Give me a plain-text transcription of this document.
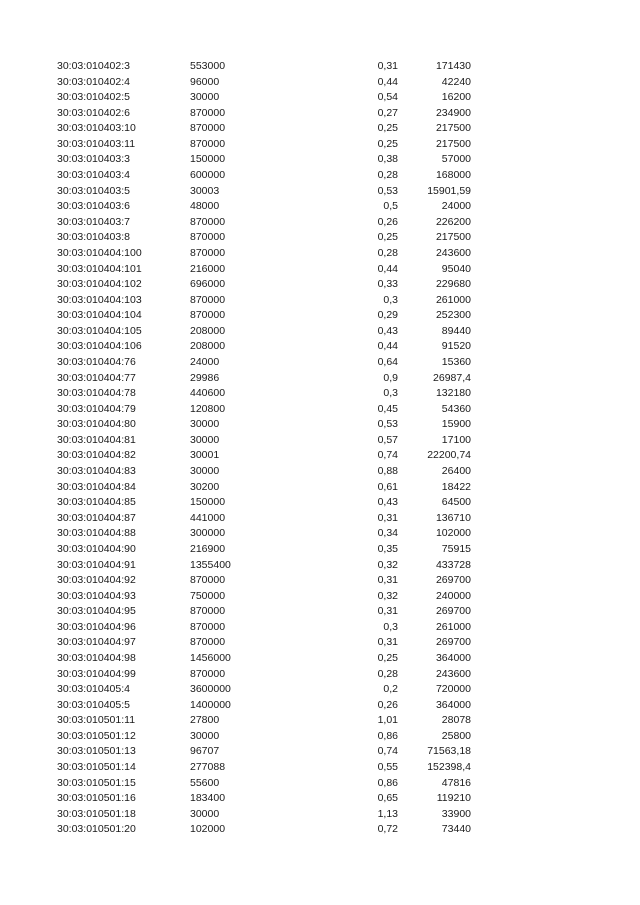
30:03:010402:3	553000	0,31	171430
30:03:010402:4	96000	0,44	42240
30:03:010402:5	30000	0,54	16200
30:03:010402:6	870000	0,27	234900
30:03:010403:10	870000	0,25	217500
30:03:010403:11	870000	0,25	217500
30:03:010403:3	150000	0,38	57000
30:03:010403:4	600000	0,28	168000
30:03:010403:5	30003	0,53	15901,59
30:03:010403:6	48000	0,5	24000
30:03:010403:7	870000	0,26	226200
30:03:010403:8	870000	0,25	217500
30:03:010404:100	870000	0,28	243600
30:03:010404:101	216000	0,44	95040
30:03:010404:102	696000	0,33	229680
30:03:010404:103	870000	0,3	261000
30:03:010404:104	870000	0,29	252300
30:03:010404:105	208000	0,43	89440
30:03:010404:106	208000	0,44	91520
30:03:010404:76	24000	0,64	15360
30:03:010404:77	29986	0,9	26987,4
30:03:010404:78	440600	0,3	132180
30:03:010404:79	120800	0,45	54360
30:03:010404:80	30000	0,53	15900
30:03:010404:81	30000	0,57	17100
30:03:010404:82	30001	0,74	22200,74
30:03:010404:83	30000	0,88	26400
30:03:010404:84	30200	0,61	18422
30:03:010404:85	150000	0,43	64500
30:03:010404:87	441000	0,31	136710
30:03:010404:88	300000	0,34	102000
30:03:010404:90	216900	0,35	75915
30:03:010404:91	1355400	0,32	433728
30:03:010404:92	870000	0,31	269700
30:03:010404:93	750000	0,32	240000
30:03:010404:95	870000	0,31	269700
30:03:010404:96	870000	0,3	261000
30:03:010404:97	870000	0,31	269700
30:03:010404:98	1456000	0,25	364000
30:03:010404:99	870000	0,28	243600
30:03:010405:4	3600000	0,2	720000
30:03:010405:5	1400000	0,26	364000
30:03:010501:11	27800	1,01	28078
30:03:010501:12	30000	0,86	25800
30:03:010501:13	96707	0,74	71563,18
30:03:010501:14	277088	0,55	152398,4
30:03:010501:15	55600	0,86	47816
30:03:010501:16	183400	0,65	119210
30:03:010501:18	30000	1,13	33900
30:03:010501:20	102000	0,72	73440
